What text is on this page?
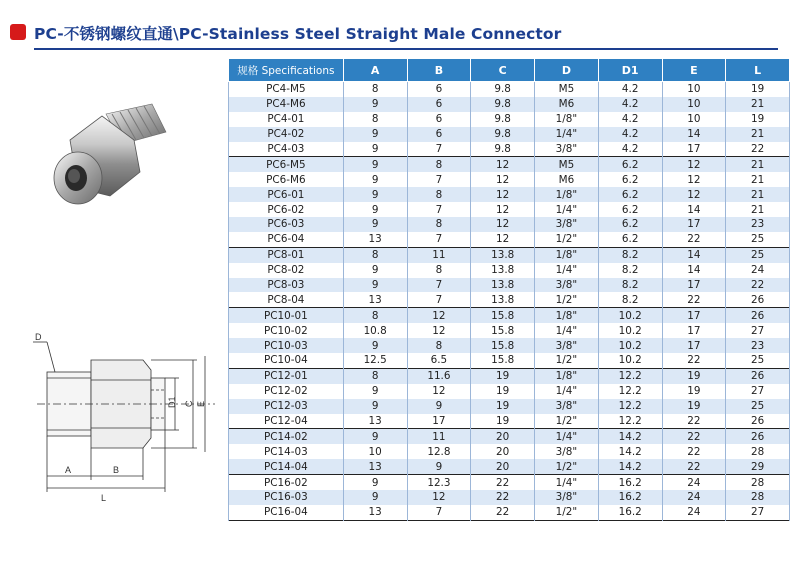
PC-不锈钢螺纹直通\PC-Stainless Steel Straight Male Connector
D
D1 C E
A	B
L
规格 Specifications	A	B	C	D	D1	E	L
PC4-M5	8	6	9.8	M5	4.2	10	19
PC4-M6	9	6	9.8	M6	4.2	10	21
PC4-01	8	6	9.8	1/8"	4.2	10	19
PC4-02	9	6	9.8	1/4"	4.2	14	21
PC4-03	9	7	9.8	3/8"	4.2	17	22
PC6-M5	9	8	12	M5	6.2	12	21
PC6-M6	9	7	12	M6	6.2	12	21
PC6-01	9	8	12	1/8"	6.2	12	21
PC6-02	9	7	12	1/4"	6.2	14	21
PC6-03	9	8	12	3/8"	6.2	17	23
PC6-04	13	7	12	1/2"	6.2	22	25
PC8-01	8	11	13.8	1/8"	8.2	14	25
PC8-02	9	8	13.8	1/4"	8.2	14	24
PC8-03	9	7	13.8	3/8"	8.2	17	22
PC8-04	13	7	13.8	1/2"	8.2	22	26
PC10-01	8	12	15.8	1/8"	10.2	17	26
PC10-02	10.8	12	15.8	1/4"	10.2	17	27
PC10-03	9	8	15.8	3/8"	10.2	17	23
PC10-04	12.5	6.5	15.8	1/2"	10.2	22	25
PC12-01	8	11.6	19	1/8"	12.2	19	26
PC12-02	9	12	19	1/4"	12.2	19	27
PC12-03	9	9	19	3/8"	12.2	19	25
PC12-04	13	17	19	1/2"	12.2	22	26
PC14-02	9	11	20	1/4"	14.2	22	26
PC14-03	10	12.8	20	3/8"	14.2	22	28
PC14-04	13	9	20	1/2"	14.2	22	29
PC16-02	9	12.3	22	1/4"	16.2	24	28
PC16-03	9	12	22	3/8"	16.2	24	28
PC16-04	13	7	22	1/2"	16.2	24	27
